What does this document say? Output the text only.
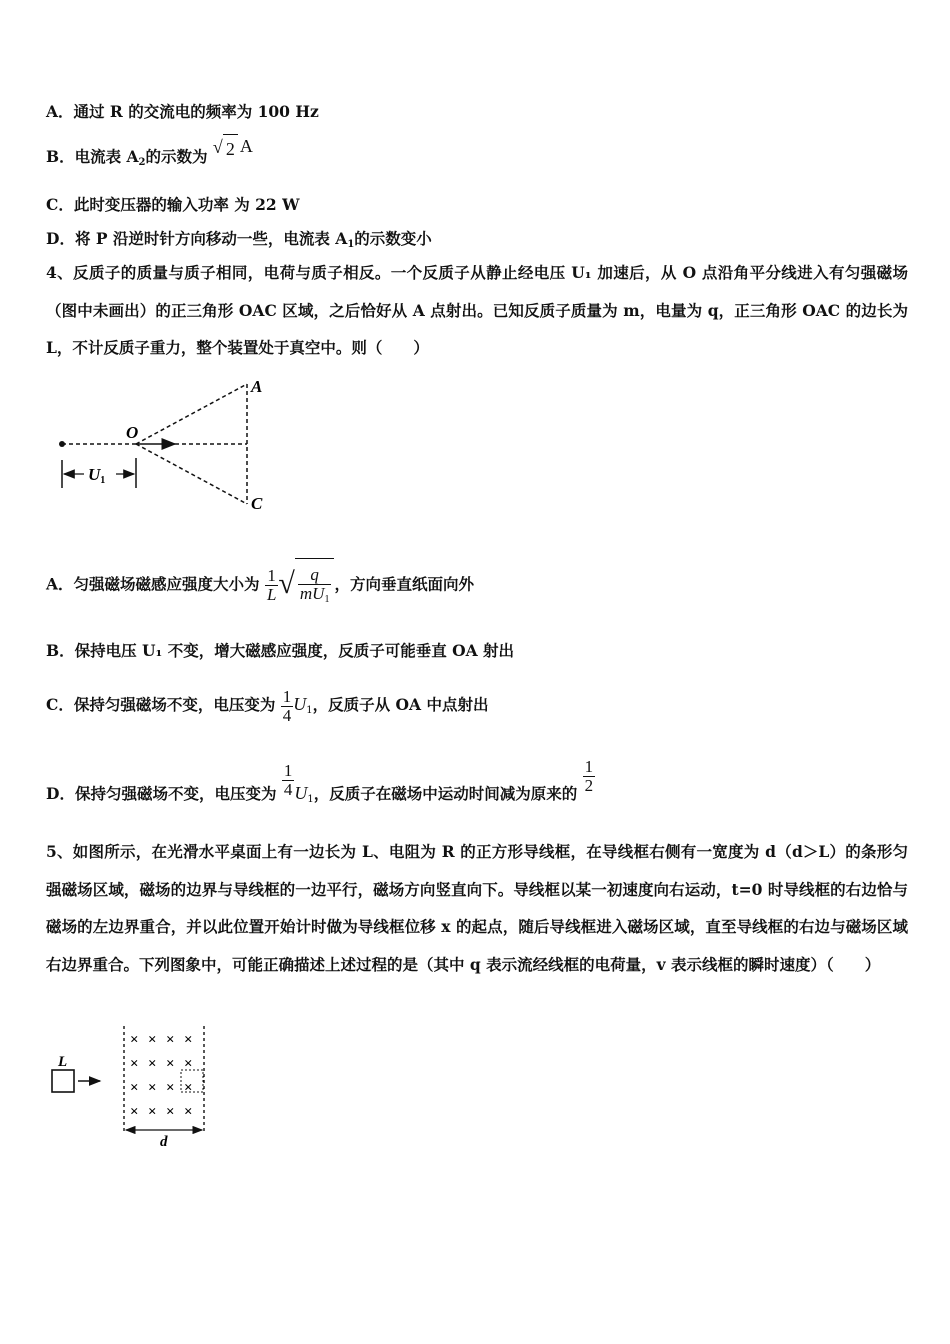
A．通过 R 的交流电的频率为 100 Hz
B．电流表 $A_2$的示数为 √ 2 A
C．此时变压器的输入功率 为 22 W
D．将 P 沿逆时针方向移动一些，电流表 $A_1$的示数变小
4、反质子的质量与质子相同，电荷与质子相反。一个反质子从静止经电压 U₁ 加速后，从 O 点沿角平分线进入有匀强磁场（图中未画出）的正三角形 OAC 区域，之后恰好从 A 点射出。已知反质子质量为 m，电量为 q，正三角形 OAC 的边长为 L，不计反质子重力，整个装置处于真空中。则（　　）
A
O
C
U1
A．匀强磁场磁感应强度大小为 $\frac{1}{L}$ √ $\frac{q}{mU_1}$ ，方向垂直纸面向外
B．保持电压 U₁ 不变，增大磁感应强度，反质子可能垂直 OA 射出
C．保持匀强磁场不变，电压变为 $\frac{1}{4} U_1$，反质子从 OA 中点射出
D．保持匀强磁场不变，电压变为 $\frac{1}{4} U_1$，反质子在磁场中运动时间减为原来的 $\frac{1}{2}$
5、如图所示，在光滑水平桌面上有一边长为 L、电阻为 R 的正方形导线框，在导线框右侧有一宽度为 d（d＞L）的条形匀强磁场区域，磁场的边界与导线框的一边平行，磁场方向竖直向下。导线框以某一初速度向右运动，t=0 时导线框的右边恰与磁场的左边界重合，并以此位置开始计时做为导线框位移 x 的起点，随后导线框进入磁场区域，直至导线框的右边与磁场区域右边界重合。下列图象中，可能正确描述上述过程的是（其中 q 表示流经线框的电荷量，v 表示线框的瞬时速度）（　　）
L
× × × ×
× × × ×
× × × ×
× × × ×
d
